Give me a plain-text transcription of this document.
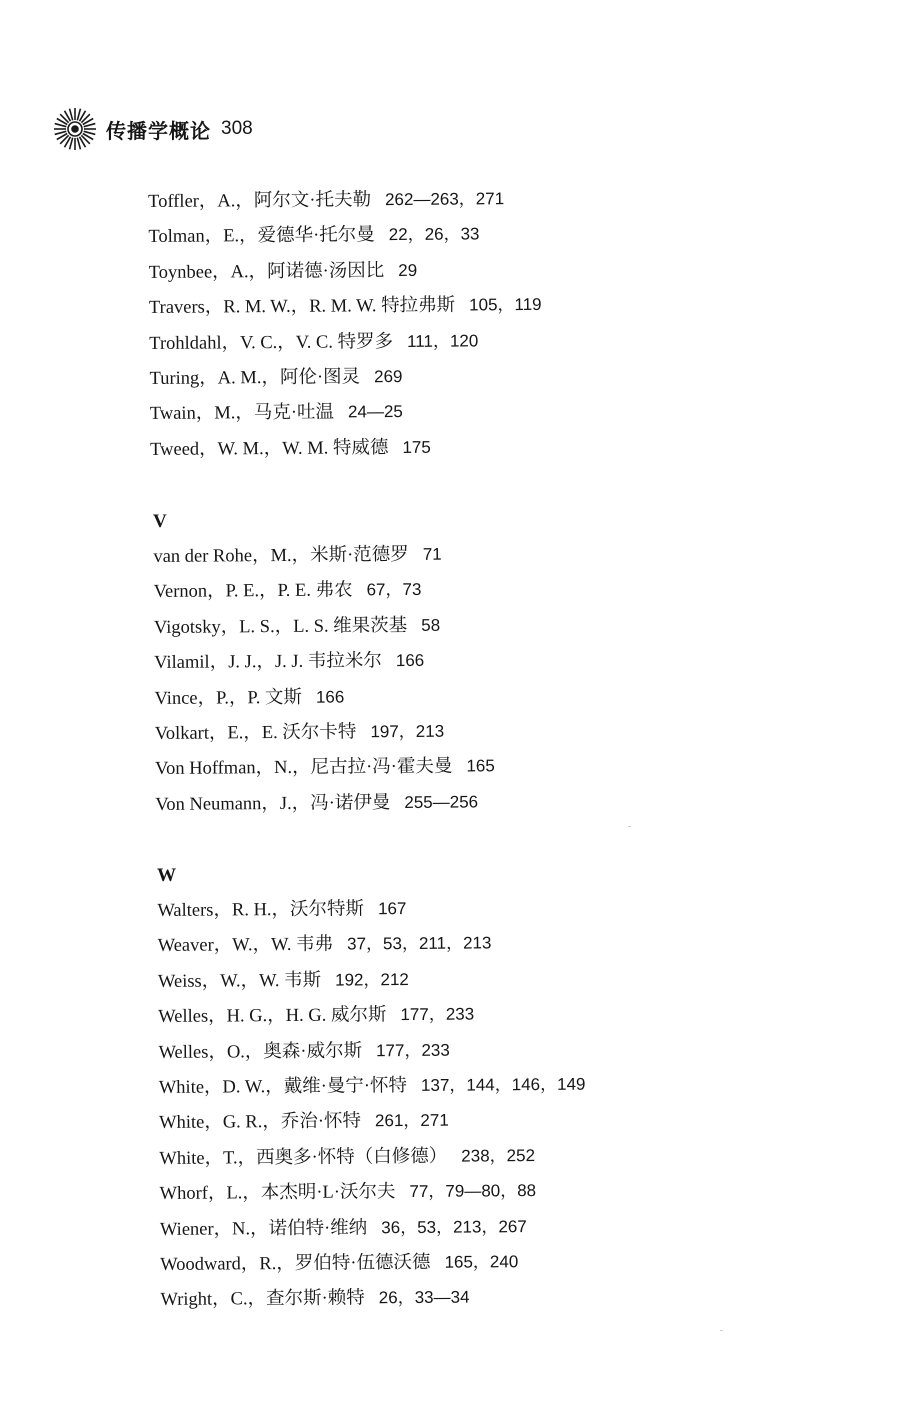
传播学概论 308
Toffler，A.，阿尔文·托夫勒 262—263，271
Tolman，E.，爱德华·托尔曼 22，26，33
Toynbee，A.，阿诺德·汤因比 29
Travers，R. M. W.，R. M. W. 特拉弗斯 105，119
Trohldahl，V. C.，V. C. 特罗多 111，120
Turing，A. M.，阿伦·图灵 269
Twain，M.，马克·吐温 24—25
Tweed，W. M.，W. M. 特威德 175
V
van der Rohe，M.，米斯·范德罗 71
Vernon，P. E.，P. E. 弗农 67，73
Vigotsky，L. S.，L. S. 维果茨基 58
Vilamil，J. J.，J. J. 韦拉米尔 166
Vince，P.，P. 文斯 166
Volkart，E.，E. 沃尔卡特 197，213
Von Hoffman，N.，尼古拉·冯·霍夫曼 165
Von Neumann，J.，冯·诺伊曼 255—256
W
Walters，R. H.，沃尔特斯 167
Weaver，W.，W. 韦弗 37，53，211，213
Weiss，W.，W. 韦斯 192，212
Welles，H. G.，H. G. 威尔斯 177，233
Welles，O.，奥森·威尔斯 177，233
White，D. W.，戴维·曼宁·怀特 137，144，146，149
White，G. R.，乔治·怀特 261，271
White，T.，西奥多·怀特（白修德） 238，252
Whorf，L.，本杰明·L·沃尔夫 77，79—80，88
Wiener，N.，诺伯特·维纳 36，53，213，267
Woodward，R.，罗伯特·伍德沃德 165，240
Wright，C.，查尔斯·赖特 26，33—34
